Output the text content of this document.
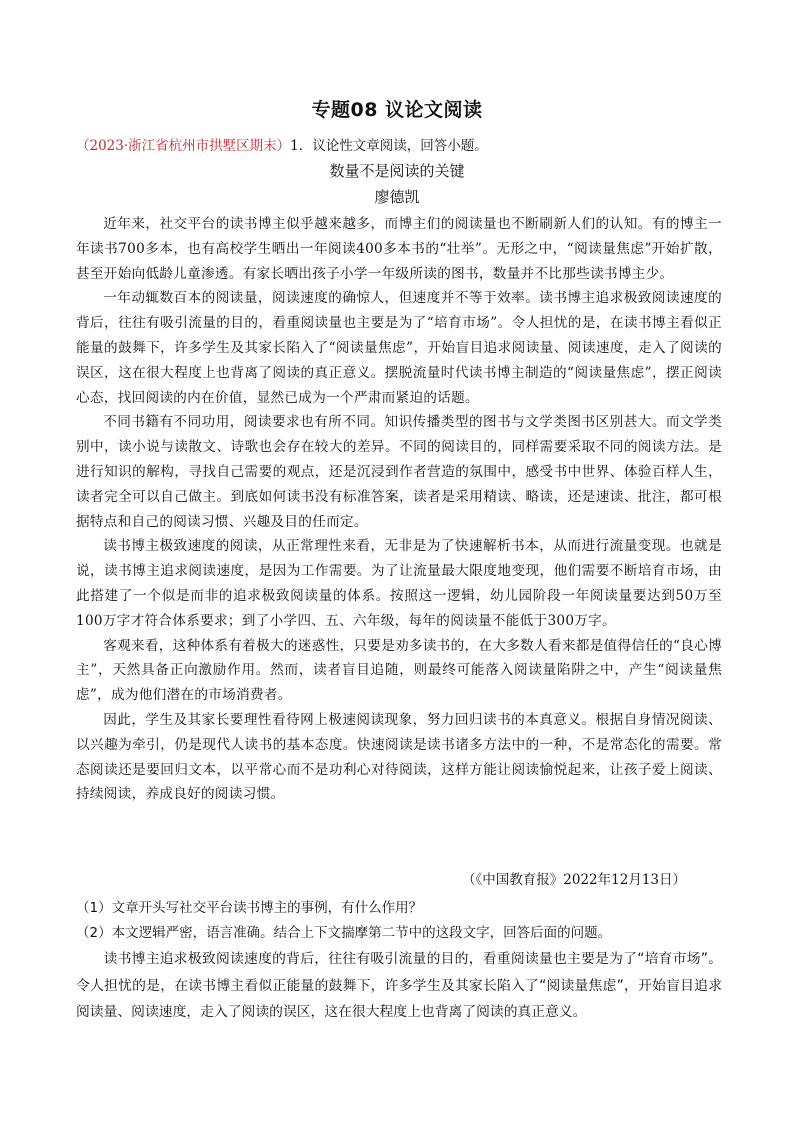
专题08 议论文阅读
（2023·浙江省杭州市拱墅区期末）1．议论性文章阅读，回答小题。
数量不是阅读的关键
廖德凯

近年来，社交平台的读书博主似乎越来越多，而博主们的阅读量也不断刷新人们的认知。有的博主一年读书700多本，也有高校学生晒出一年阅读400多本书的“壮举”。无形之中，“阅读量焦虑”开始扩散，甚至开始向低龄儿童渗透。有家长晒出孩子小学一年级所读的图书，数量并不比那些读书博主少。

一年动辄数百本的阅读量，阅读速度的确惊人，但速度并不等于效率。读书博主追求极致阅读速度的背后，往往有吸引流量的目的，看重阅读量也主要是为了“培育市场”。令人担忧的是，在读书博主看似正能量的鼓舞下，许多学生及其家长陷入了“阅读量焦虑”，开始盲目追求阅读量、阅读速度，走入了阅读的误区，这在很大程度上也背离了阅读的真正意义。摆脱流量时代读书博主制造的“阅读量焦虑”，摆正阅读心态，找回阅读的内在价值，显然已成为一个严肃而紧迫的话题。

不同书籍有不同功用，阅读要求也有所不同。知识传播类型的图书与文学类图书区别甚大。而文学类别中，读小说与读散文、诗歌也会存在较大的差异。不同的阅读目的，同样需要采取不同的阅读方法。是进行知识的解构，寻找自己需要的观点，还是沉浸到作者营造的氛围中，感受书中世界、体验百样人生，读者完全可以自己做主。到底如何读书没有标准答案，读者是采用精读、略读，还是速读、批注，都可根据特点和自己的阅读习惯、兴趣及目的任而定。

读书博主极致速度的阅读，从正常理性来看，无非是为了快速解析书本，从而进行流量变现。也就是说，读书博主追求阅读速度，是因为工作需要。为了让流量最大限度地变现，他们需要不断培育市场，由此搭建了一个似是而非的追求极致阅读量的体系。按照这一逻辑，幼儿园阶段一年阅读量要达到50万至100万字才符合体系要求；到了小学四、五、六年级，每年的阅读量不能低于300万字。

客观来看，这种体系有着极大的迷惑性，只要是劝多读书的，在大多数人看来都是值得信任的“良心博主”，天然具备正向激励作用。然而，读者盲目追随，则最终可能落入阅读量陷阱之中，产生“阅读量焦虑”，成为他们潜在的市场消费者。

因此，学生及其家长要理性看待网上极速阅读现象，努力回归读书的本真意义。根据自身情况阅读、以兴趣为牵引，仍是现代人读书的基本态度。快速阅读是读书诸多方法中的一种，不是常态化的需要。常态阅读还是要回归文本，以平常心而不是功利心对待阅读，这样方能让阅读愉悦起来，让孩子爱上阅读、持续阅读，养成良好的阅读习惯。

（《中国教育报》2022年12月13日）

（1）文章开头写社交平台读书博主的事例，有什么作用？

（2）本文逻辑严密，语言准确。结合上下文揣摩第二节中的这段文字，回答后面的问题。

读书博主追求极致阅读速度的背后，往往有吸引流量的目的，看重阅读量也主要是为了“培育市场”。令人担忧的是，在读书博主看似正能量的鼓舞下，许多学生及其家长陷入了“阅读量焦虑”，开始盲目追求阅读量、阅读速度，走入了阅读的误区，这在很大程度上也背离了阅读的真正意义。
